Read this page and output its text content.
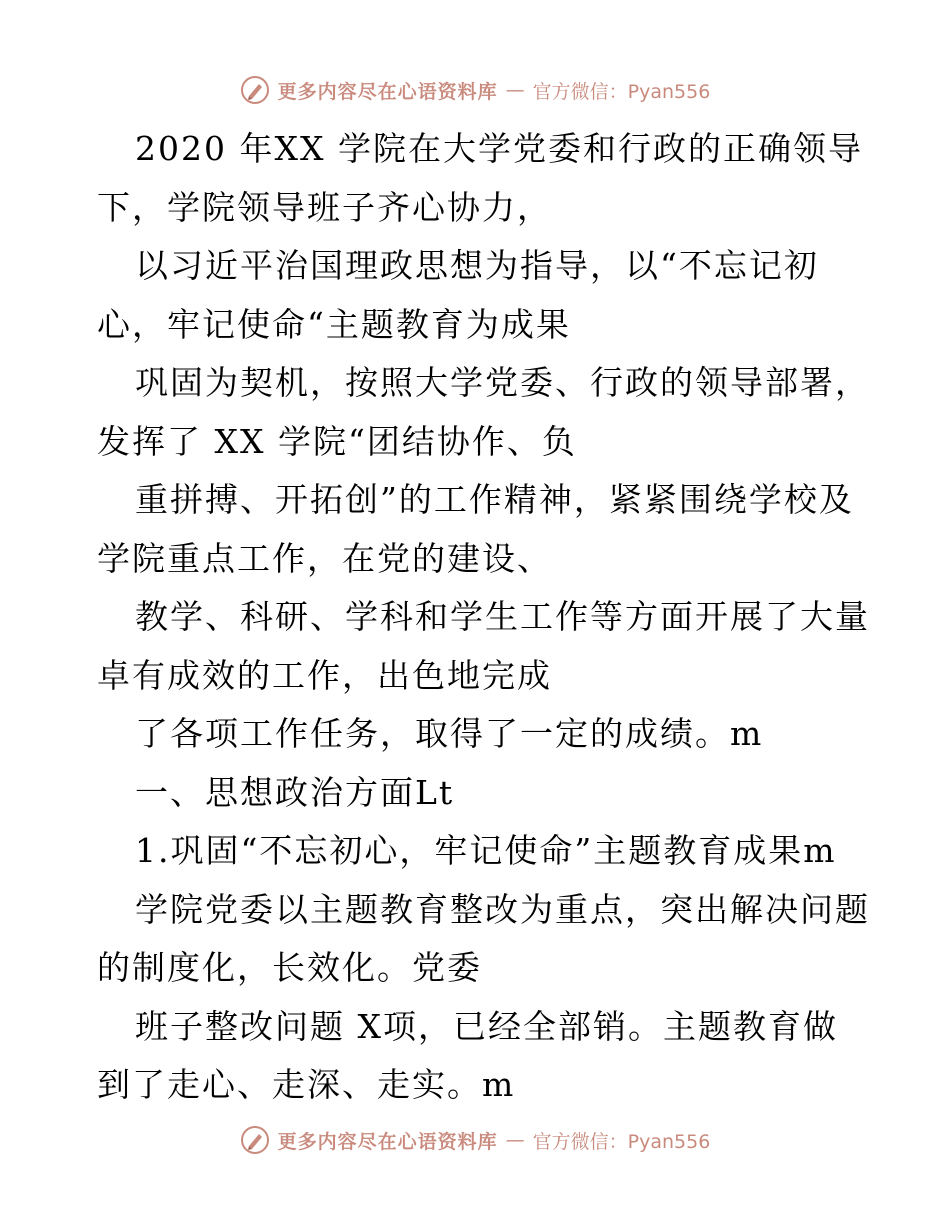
更多内容尽在心语资料库 — 官方微信：Pyan556
2020 年XX 学院在大学党委和行政的正确领导
下，学院领导班子齐心协力，
以习近平治国理政思想为指导，以“不忘记初
心，牢记使命“主题教育为成果
巩固为契机，按照大学党委、行政的领导部署，
发挥了 XX 学院“团结协作、负
重拼搏、开拓创”的工作精神，紧紧围绕学校及
学院重点工作，在党的建设、
教学、科研、学科和学生工作等方面开展了大量
卓有成效的工作，出色地完成
了各项工作任务，取得了一定的成绩。m
一、思想政治方面Lt
1.巩固“不忘初心，牢记使命”主题教育成果m
学院党委以主题教育整改为重点，突出解决问题
的制度化，长效化。党委
班子整改问题 X项，已经全部销。主题教育做
到了走心、走深、走实。m
更多内容尽在心语资料库 — 官方微信：Pyan556
